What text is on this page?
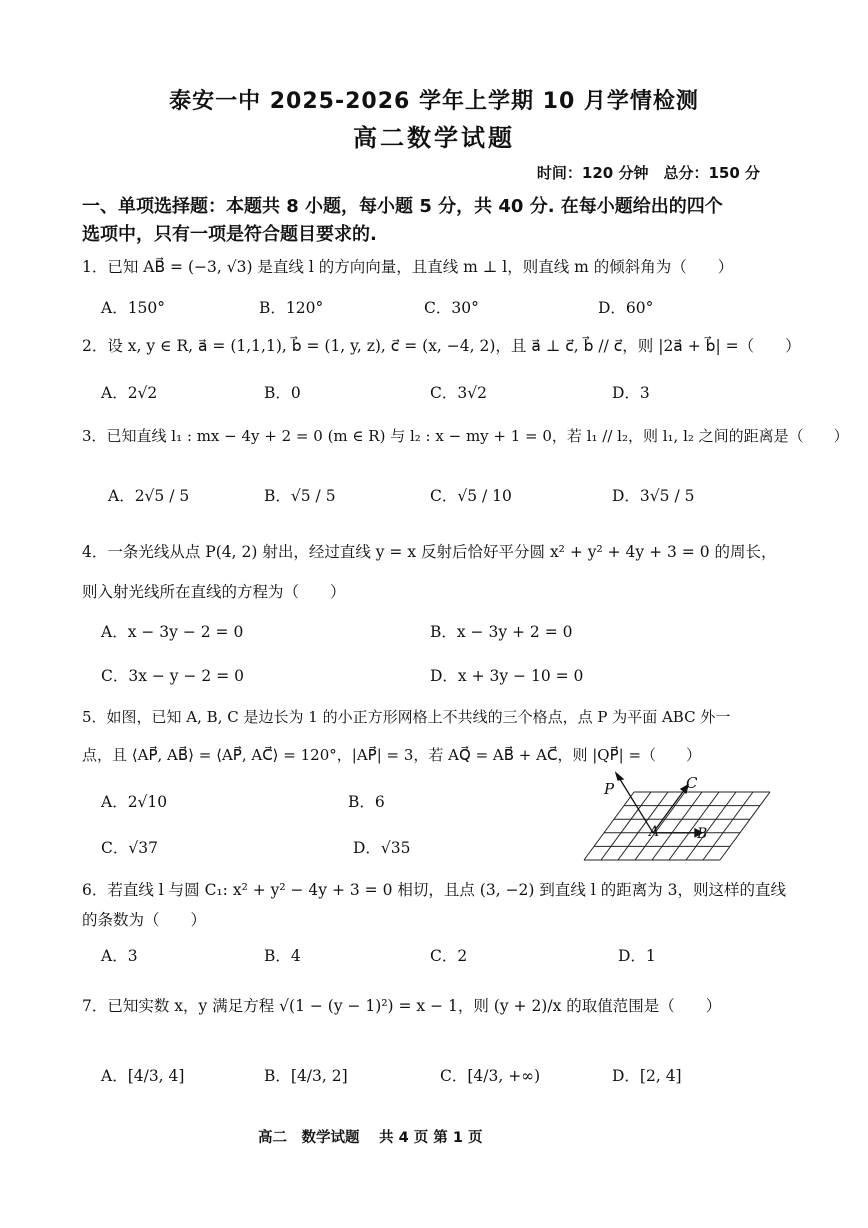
泰安一中 2025-2026 学年上学期 10 月学情检测
高二数学试题
时间：120 分钟　总分：150 分
一、单项选择题：本题共 8 小题，每小题 5 分，共 40 分. 在每小题给出的四个
选项中，只有一项是符合题目要求的.
1．已知 AB⃗ = (−3, √3) 是直线 l 的方向向量，且直线 m ⊥ l，则直线 m 的倾斜角为（　　）
A．150°	B．120°	C．30°	D．60°
2．设 x, y ∈ R, a⃗ = (1,1,1), b⃗ = (1, y, z), c⃗ = (x, −4, 2)，且 a⃗ ⊥ c⃗, b⃗ // c⃗，则 |2a⃗ + b⃗| =（　　）
A．2√2	B．0	C．3√2	D．3
3．已知直线 l₁ : mx − 4y + 2 = 0 (m ∈ R) 与 l₂ : x − my + 1 = 0，若 l₁ // l₂，则 l₁, l₂ 之间的距离是（　　）
A．2√5 / 5	B．√5 / 5	C．√5 / 10	D．3√5 / 5
4．一条光线从点 P(4, 2) 射出，经过直线 y = x 反射后恰好平分圆 x² + y² + 4y + 3 = 0 的周长，
则入射光线所在直线的方程为（　　）
A．x − 3y − 2 = 0	B．x − 3y + 2 = 0
C．3x − y − 2 = 0	D．x + 3y − 10 = 0
5．如图，已知 A, B, C 是边长为 1 的小正方形网格上不共线的三个格点，点 P 为平面 ABC 外一
点，且 ⟨AP⃗, AB⃗⟩ = ⟨AP⃗, AC⃗⟩ = 120°，|AP⃗| = 3，若 AQ⃗ = AB⃗ + AC⃗，则 |QP⃗| =（　　）
A．2√10	B．6
C．√37	D．√35
P	C
A	B
6．若直线 l 与圆 C₁: x² + y² − 4y + 3 = 0 相切，且点 (3, −2) 到直线 l 的距离为 3，则这样的直线
的条数为（　　）
A．3	B．4	C．2	D．1
7．已知实数 x，y 满足方程 √(1 − (y − 1)²) = x − 1，则 (y + 2)/x 的取值范围是（　　）
A．[4/3, 4]	B．[4/3, 2]	C．[4/3, +∞)	D．[2, 4]
高二　数学试题　 共 4 页 第 1 页
